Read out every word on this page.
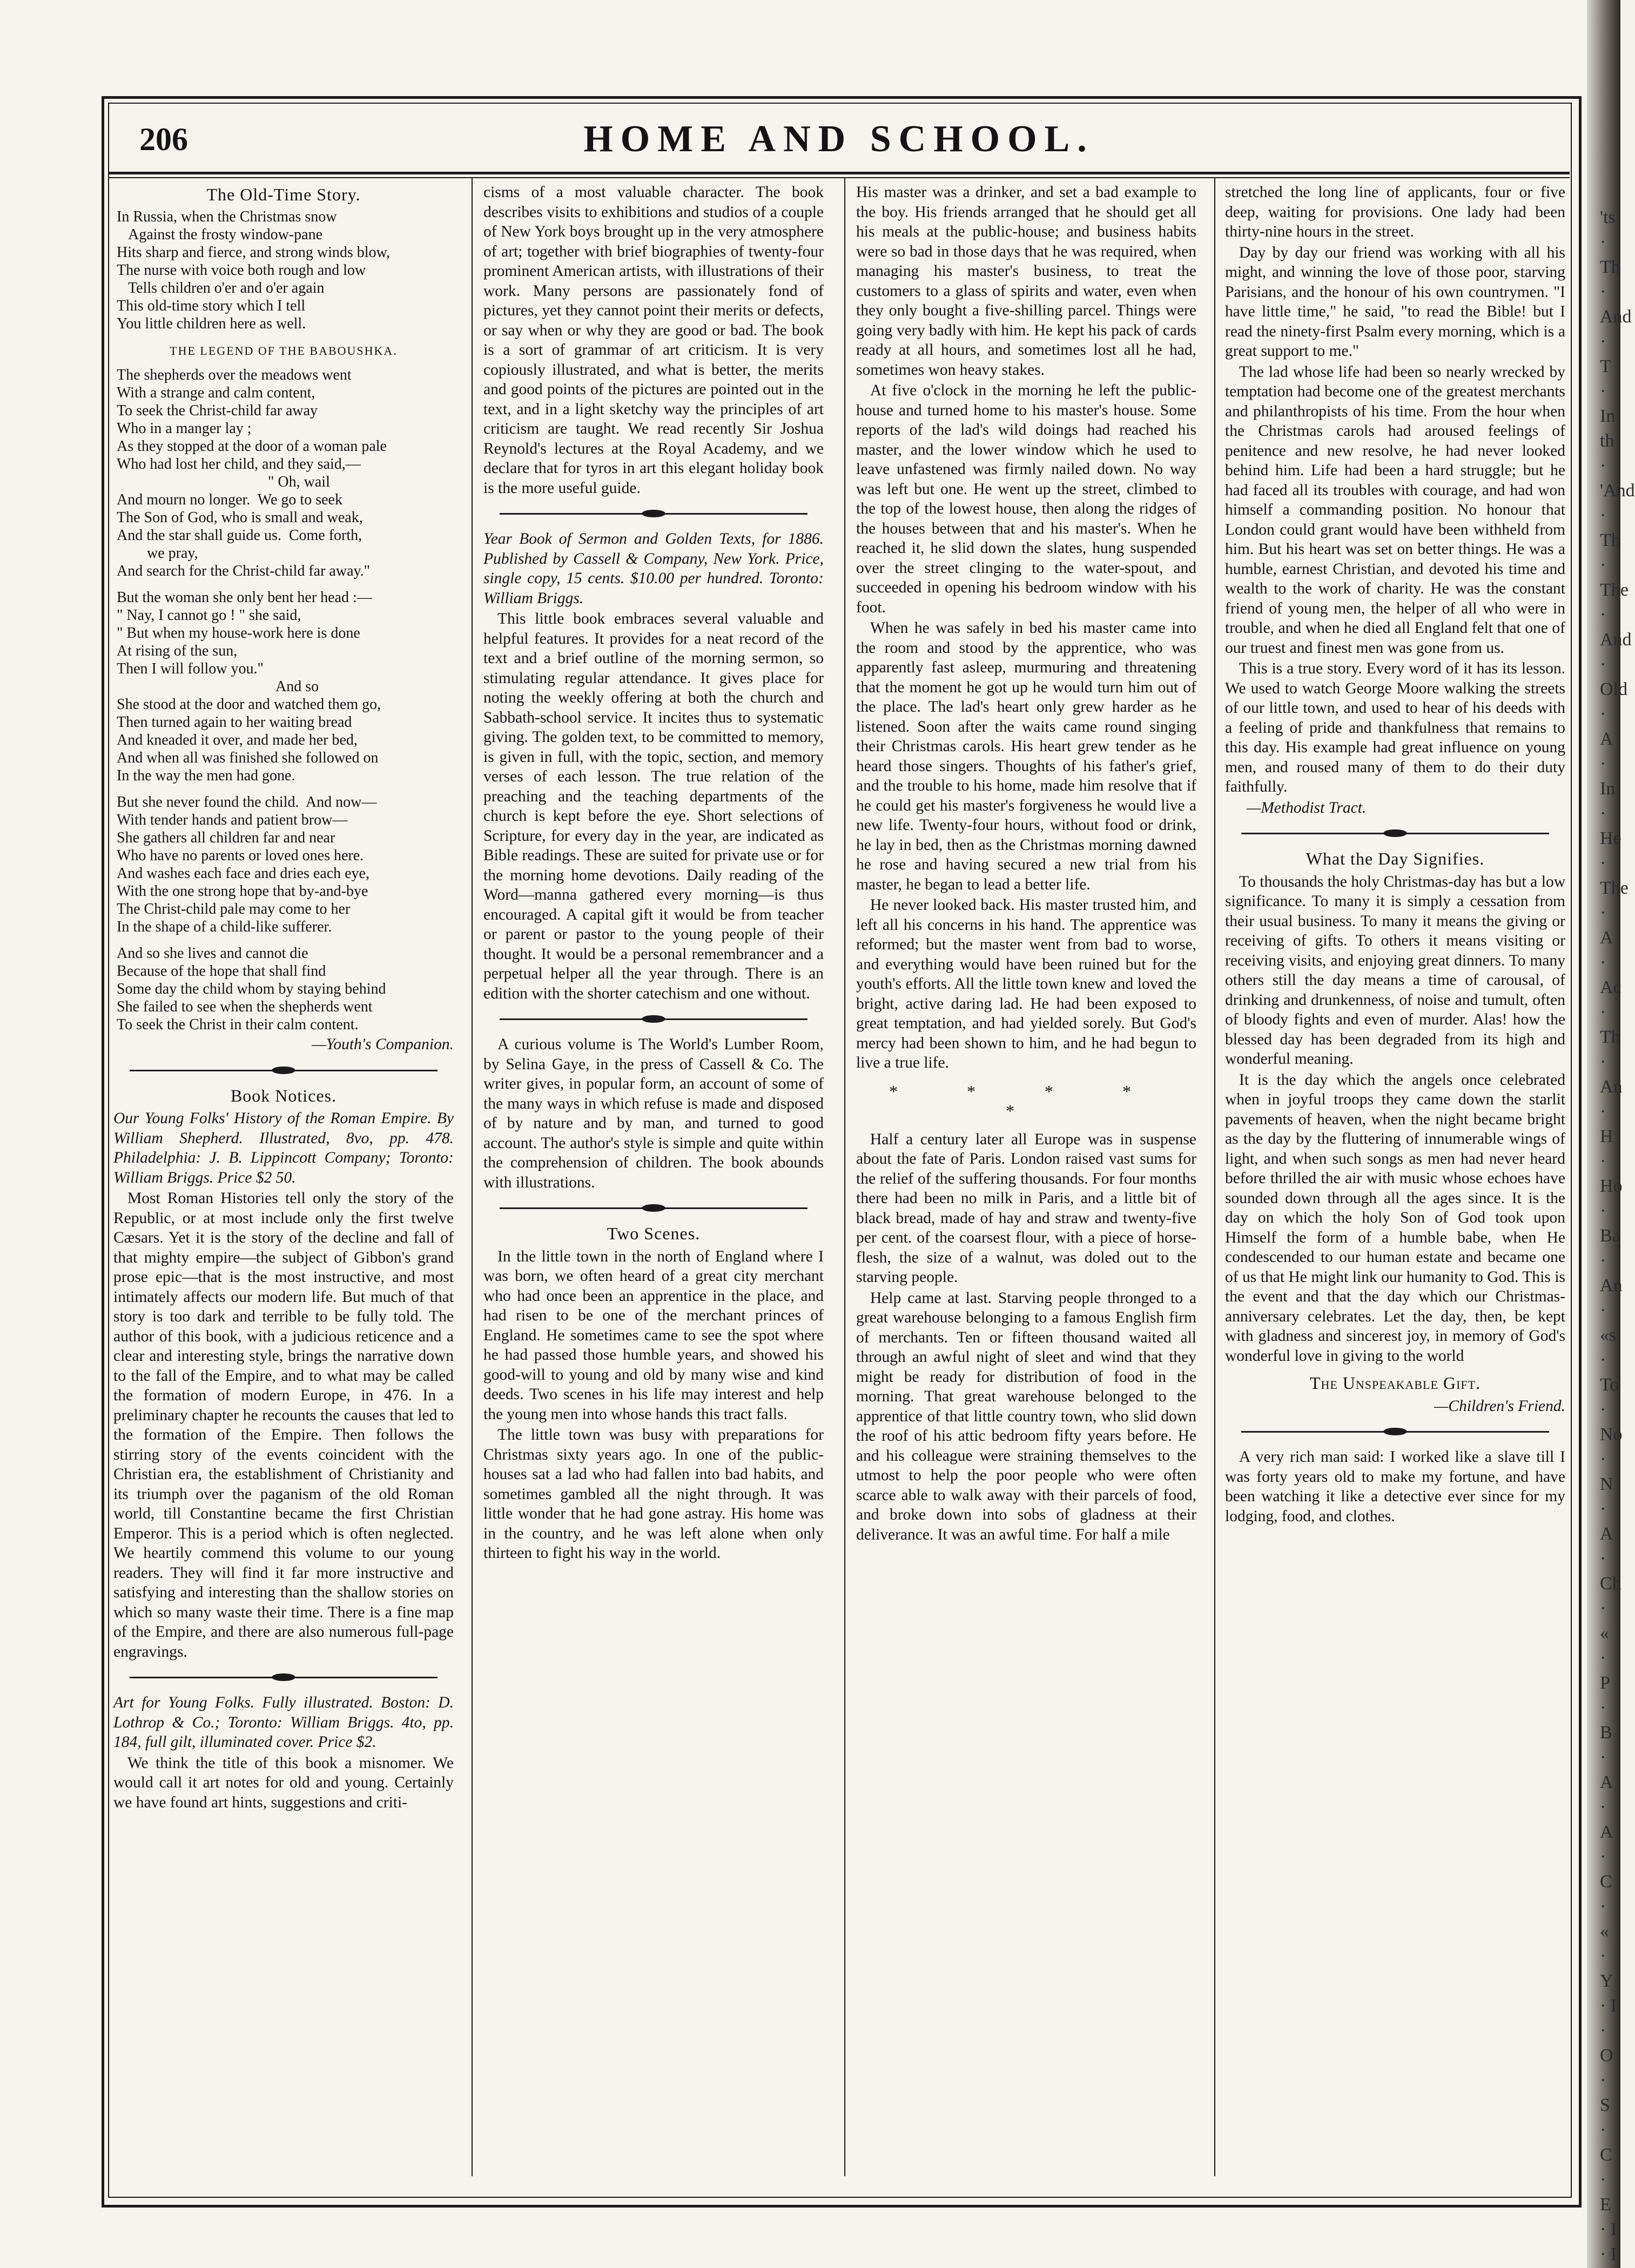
'ts · Th · And · T · In th · 'And · Th · The · And · Old · A · In · He · The · A · Ac · Th · An · H · Ho · Ba · An · «s · To · No · N · A · Ch · « · P · B · A · A · C · « · Y · I · O · S · C · E · I · I
206	HOME AND SCHOOL.
The Old-Time Story.
In Russia, when the Christmas snow
Against the frosty window-pane
Hits sharp and fierce, and strong winds blow,
The nurse with voice both rough and low
Tells children o'er and o'er again
This old-time story which I tell
You little children here as well.
THE LEGEND OF THE BABOUSHKA.
The shepherds over the meadows went
With a strange and calm content,
To seek the Christ-child far away
Who in a manger lay ;
As they stopped at the door of a woman pale
Who had lost her child, and they said,—
" Oh, wail
And mourn no longer.  We go to seek
The Son of God, who is small and weak,
And the star shall guide us.  Come forth,
we pray,
And search for the Christ-child far away."
But the woman she only bent her head :—
" Nay, I cannot go ! " she said,
" But when my house-work here is done
At rising of the sun,
Then I will follow you."
And so
She stood at the door and watched them go,
Then turned again to her waiting bread
And kneaded it over, and made her bed,
And when all was finished she followed on
In the way the men had gone.
But she never found the child.  And now—
With tender hands and patient brow—
She gathers all children far and near
Who have no parents or loved ones here.
And washes each face and dries each eye,
With the one strong hope that by-and-bye
The Christ-child pale may come to her
In the shape of a child-like sufferer.
And so she lives and cannot die
Because of the hope that shall find
Some day the child whom by staying behind
She failed to see when the shepherds went
To seek the Christ in their calm content.
—Youth's Companion.
Book Notices.

Our Young Folks' History of the Roman Empire. By William Shepherd. Illustrated, 8vo, pp. 478. Philadelphia: J. B. Lippincott Company; Toronto: William Briggs. Price $2 50.

Most Roman Histories tell only the story of the Republic, or at most include only the first twelve Cæsars. Yet it is the story of the decline and fall of that mighty empire—the subject of Gibbon's grand prose epic—that is the most instructive, and most intimately affects our modern life. But much of that story is too dark and terrible to be fully told. The author of this book, with a judicious reticence and a clear and interesting style, brings the narrative down to the fall of the Empire, and to what may be called the formation of modern Europe, in 476. In a preliminary chapter he recounts the causes that led to the formation of the Empire. Then follows the stirring story of the events coincident with the Christian era, the establishment of Christianity and its triumph over the paganism of the old Roman world, till Constantine became the first Christian Emperor. This is a period which is often neglected. We heartily commend this volume to our young readers. They will find it far more instructive and satisfying and interesting than the shallow stories on which so many waste their time. There is a fine map of the Empire, and there are also numerous full-page engravings.

Art for Young Folks. Fully illustrated. Boston: D. Lothrop & Co.; Toronto: William Briggs. 4to, pp. 184, full gilt, illuminated cover. Price $2.

We think the title of this book a misnomer. We would call it art notes for old and young. Certainly we have found art hints, suggestions and criti-

cisms of a most valuable character. The book describes visits to exhibitions and studios of a couple of New York boys brought up in the very atmosphere of art; together with brief biographies of twenty-four prominent American artists, with illustrations of their work. Many persons are passionately fond of pictures, yet they cannot point their merits or defects, or say when or why they are good or bad. The book is a sort of grammar of art criticism. It is very copiously illustrated, and what is better, the merits and good points of the pictures are pointed out in the text, and in a light sketchy way the principles of art criticism are taught. We read recently Sir Joshua Reynold's lectures at the Royal Academy, and we declare that for tyros in art this elegant holiday book is the more useful guide.

Year Book of Sermon and Golden Texts, for 1886. Published by Cassell & Company, New York. Price, single copy, 15 cents. $10.00 per hundred. Toronto: William Briggs.

This little book embraces several valuable and helpful features. It provides for a neat record of the text and a brief outline of the morning sermon, so stimulating regular attendance. It gives place for noting the weekly offering at both the church and Sabbath-school service. It incites thus to systematic giving. The golden text, to be committed to memory, is given in full, with the topic, section, and memory verses of each lesson. The true relation of the preaching and the teaching departments of the church is kept before the eye. Short selections of Scripture, for every day in the year, are indicated as Bible readings. These are suited for private use or for the morning home devotions. Daily reading of the Word—manna gathered every morning—is thus encouraged. A capital gift it would be from teacher or parent or pastor to the young people of their thought. It would be a personal remembrancer and a perpetual helper all the year through. There is an edition with the shorter catechism and one without.

A curious volume is The World's Lumber Room, by Selina Gaye, in the press of Cassell & Co. The writer gives, in popular form, an account of some of the many ways in which refuse is made and disposed of by nature and by man, and turned to good account. The author's style is simple and quite within the comprehension of children. The book abounds with illustrations.

Two Scenes.

In the little town in the north of England where I was born, we often heard of a great city merchant who had once been an apprentice in the place, and had risen to be one of the merchant princes of England. He sometimes came to see the spot where he had passed those humble years, and showed his good-will to young and old by many wise and kind deeds. Two scenes in his life may interest and help the young men into whose hands this tract falls.

The little town was busy with preparations for Christmas sixty years ago. In one of the public-houses sat a lad who had fallen into bad habits, and sometimes gambled all the night through. It was little wonder that he had gone astray. His home was in the country, and he was left alone when only thirteen to fight his way in the world.

His master was a drinker, and set a bad example to the boy. His friends arranged that he should get all his meals at the public-house; and business habits were so bad in those days that he was required, when managing his master's business, to treat the customers to a glass of spirits and water, even when they only bought a five-shilling parcel. Things were going very badly with him. He kept his pack of cards ready at all hours, and sometimes lost all he had, sometimes won heavy stakes.

At five o'clock in the morning he left the public-house and turned home to his master's house. Some reports of the lad's wild doings had reached his master, and the lower window which he used to leave unfastened was firmly nailed down. No way was left but one. He went up the street, climbed to the top of the lowest house, then along the ridges of the houses between that and his master's. When he reached it, he slid down the slates, hung suspended over the street clinging to the water-spout, and succeeded in opening his bedroom window with his foot.

When he was safely in bed his master came into the room and stood by the apprentice, who was apparently fast asleep, murmuring and threatening that the moment he got up he would turn him out of the place. The lad's heart only grew harder as he listened. Soon after the waits came round singing their Christmas carols. His heart grew tender as he heard those singers. Thoughts of his father's grief, and the trouble to his home, made him resolve that if he could get his master's forgiveness he would live a new life. Twenty-four hours, without food or drink, he lay in bed, then as the Christmas morning dawned he rose and having secured a new trial from his master, he began to lead a better life.

He never looked back. His master trusted him, and left all his concerns in his hand. The apprentice was reformed; but the master went from bad to worse, and everything would have been ruined but for the youth's efforts. All the little town knew and loved the bright, active daring lad. He had been exposed to great temptation, and had yielded sorely. But God's mercy had been shown to him, and he had begun to live a true life.

* * * * *

Half a century later all Europe was in suspense about the fate of Paris. London raised vast sums for the relief of the suffering thousands. For four months there had been no milk in Paris, and a little bit of black bread, made of hay and straw and twenty-five per cent. of the coarsest flour, with a piece of horse-flesh, the size of a walnut, was doled out to the starving people.

Help came at last. Starving people thronged to a great warehouse belonging to a famous English firm of merchants. Ten or fifteen thousand waited all through an awful night of sleet and wind that they might be ready for distribution of food in the morning. That great warehouse belonged to the apprentice of that little country town, who slid down the roof of his attic bedroom fifty years before. He and his colleague were straining themselves to the utmost to help the poor people who were often scarce able to walk away with their parcels of food, and broke down into sobs of gladness at their deliverance. It was an awful time. For half a mile

stretched the long line of applicants, four or five deep, waiting for provisions. One lady had been thirty-nine hours in the street.

Day by day our friend was working with all his might, and winning the love of those poor, starving Parisians, and the honour of his own countrymen. "I have little time," he said, "to read the Bible! but I read the ninety-first Psalm every morning, which is a great support to me."

The lad whose life had been so nearly wrecked by temptation had become one of the greatest merchants and philanthropists of his time. From the hour when the Christmas carols had aroused feelings of penitence and new resolve, he had never looked behind him. Life had been a hard struggle; but he had faced all its troubles with courage, and had won himself a commanding position. No honour that London could grant would have been withheld from him. But his heart was set on better things. He was a humble, earnest Christian, and devoted his time and wealth to the work of charity. He was the constant friend of young men, the helper of all who were in trouble, and when he died all England felt that one of our truest and finest men was gone from us.

This is a true story. Every word of it has its lesson. We used to watch George Moore walking the streets of our little town, and used to hear of his deeds with a feeling of pride and thankfulness that remains to this day. His example had great influence on young men, and roused many of them to do their duty faithfully.

—Methodist Tract.
What the Day Signifies.

To thousands the holy Christmas-day has but a low significance. To many it is simply a cessation from their usual business. To many it means the giving or receiving of gifts. To others it means visiting or receiving visits, and enjoying great dinners. To many others still the day means a time of carousal, of drinking and drunkenness, of noise and tumult, often of bloody fights and even of murder. Alas! how the blessed day has been degraded from its high and wonderful meaning.

It is the day which the angels once celebrated when in joyful troops they came down the starlit pavements of heaven, when the night became bright as the day by the fluttering of innumerable wings of light, and when such songs as men had never heard before thrilled the air with music whose echoes have sounded down through all the ages since. It is the day on which the holy Son of God took upon Himself the form of a humble babe, when He condescended to our human estate and became one of us that He might link our humanity to God. This is the event and that the day which our Christmas-anniversary celebrates. Let the day, then, be kept with gladness and sincerest joy, in memory of God's wonderful love in giving to the world

The Unspeakable Gift.
—Children's Friend.

A very rich man said: I worked like a slave till I was forty years old to make my fortune, and have been watching it like a detective ever since for my lodging, food, and clothes.
